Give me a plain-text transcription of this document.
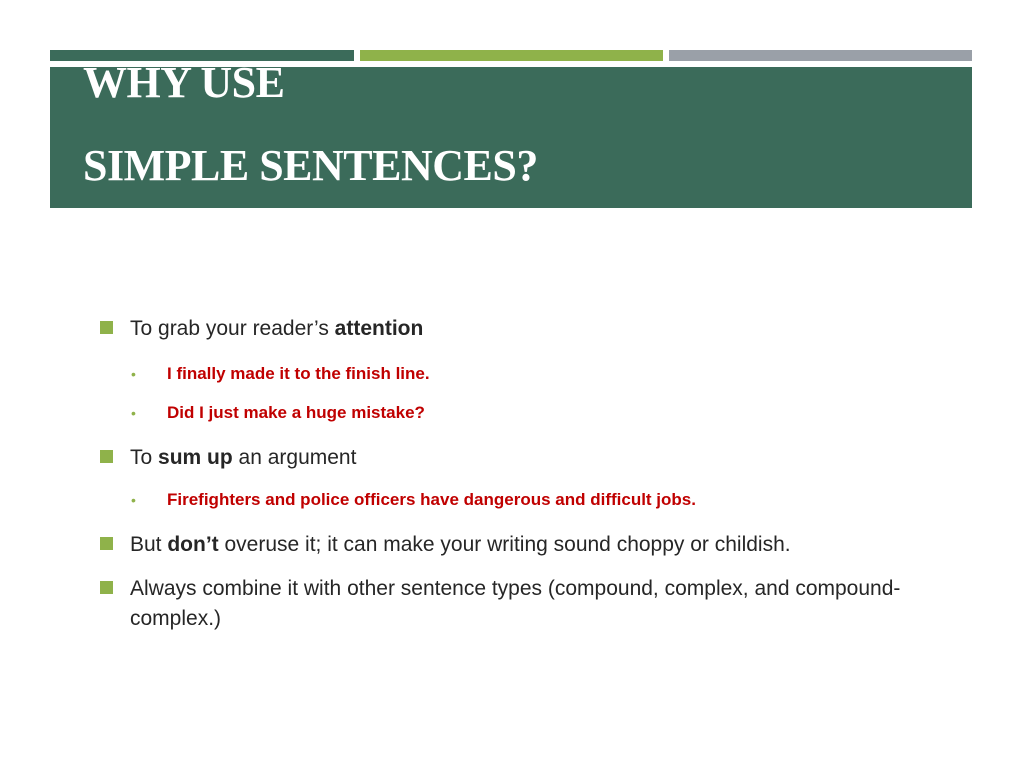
WHY USE
SIMPLE SENTENCES?
To grab your reader’s attention
• I finally made it to the finish line.
• Did I just make a huge mistake?
To sum up an argument
• Firefighters and police officers have dangerous and difficult jobs.
But don’t overuse it; it can make your writing sound choppy or childish.
Always combine it with other sentence types (compound, complex, and compound-complex.)
